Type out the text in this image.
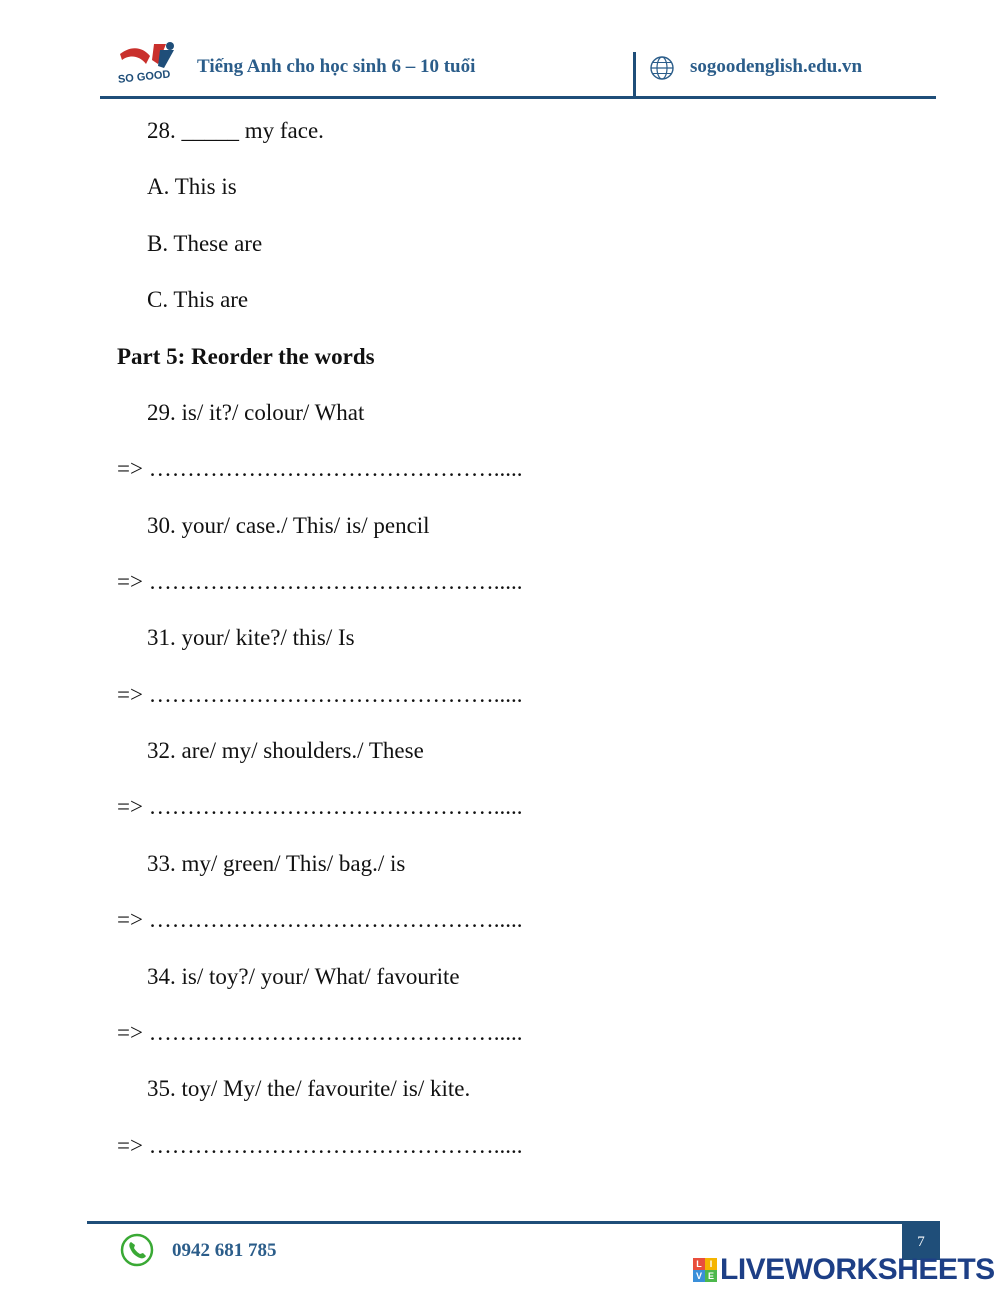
SO GOOD
Tiếng Anh cho học sinh 6 – 10 tuổi	sogoodenglish.edu.vn
28. _____ my face.
A. This is
B. These are
C. This are
Part 5: Reorder the words
29. is/ it?/ colour/ What
=> ……………………………………….....
30. your/ case./ This/ is/ pencil
=> ……………………………………….....
31. your/ kite?/ this/ Is
=> ……………………………………….....
32. are/ my/ shoulders./ These
=> ……………………………………….....
33. my/ green/ This/ bag./ is
=> ……………………………………….....
34. is/ toy?/ your/ What/ favourite
=> ……………………………………….....
35. toy/ My/ the/ favourite/ is/ kite.
=> ……………………………………….....
7
0942 681 785
L I
V E LIVEWORKSHEETS
